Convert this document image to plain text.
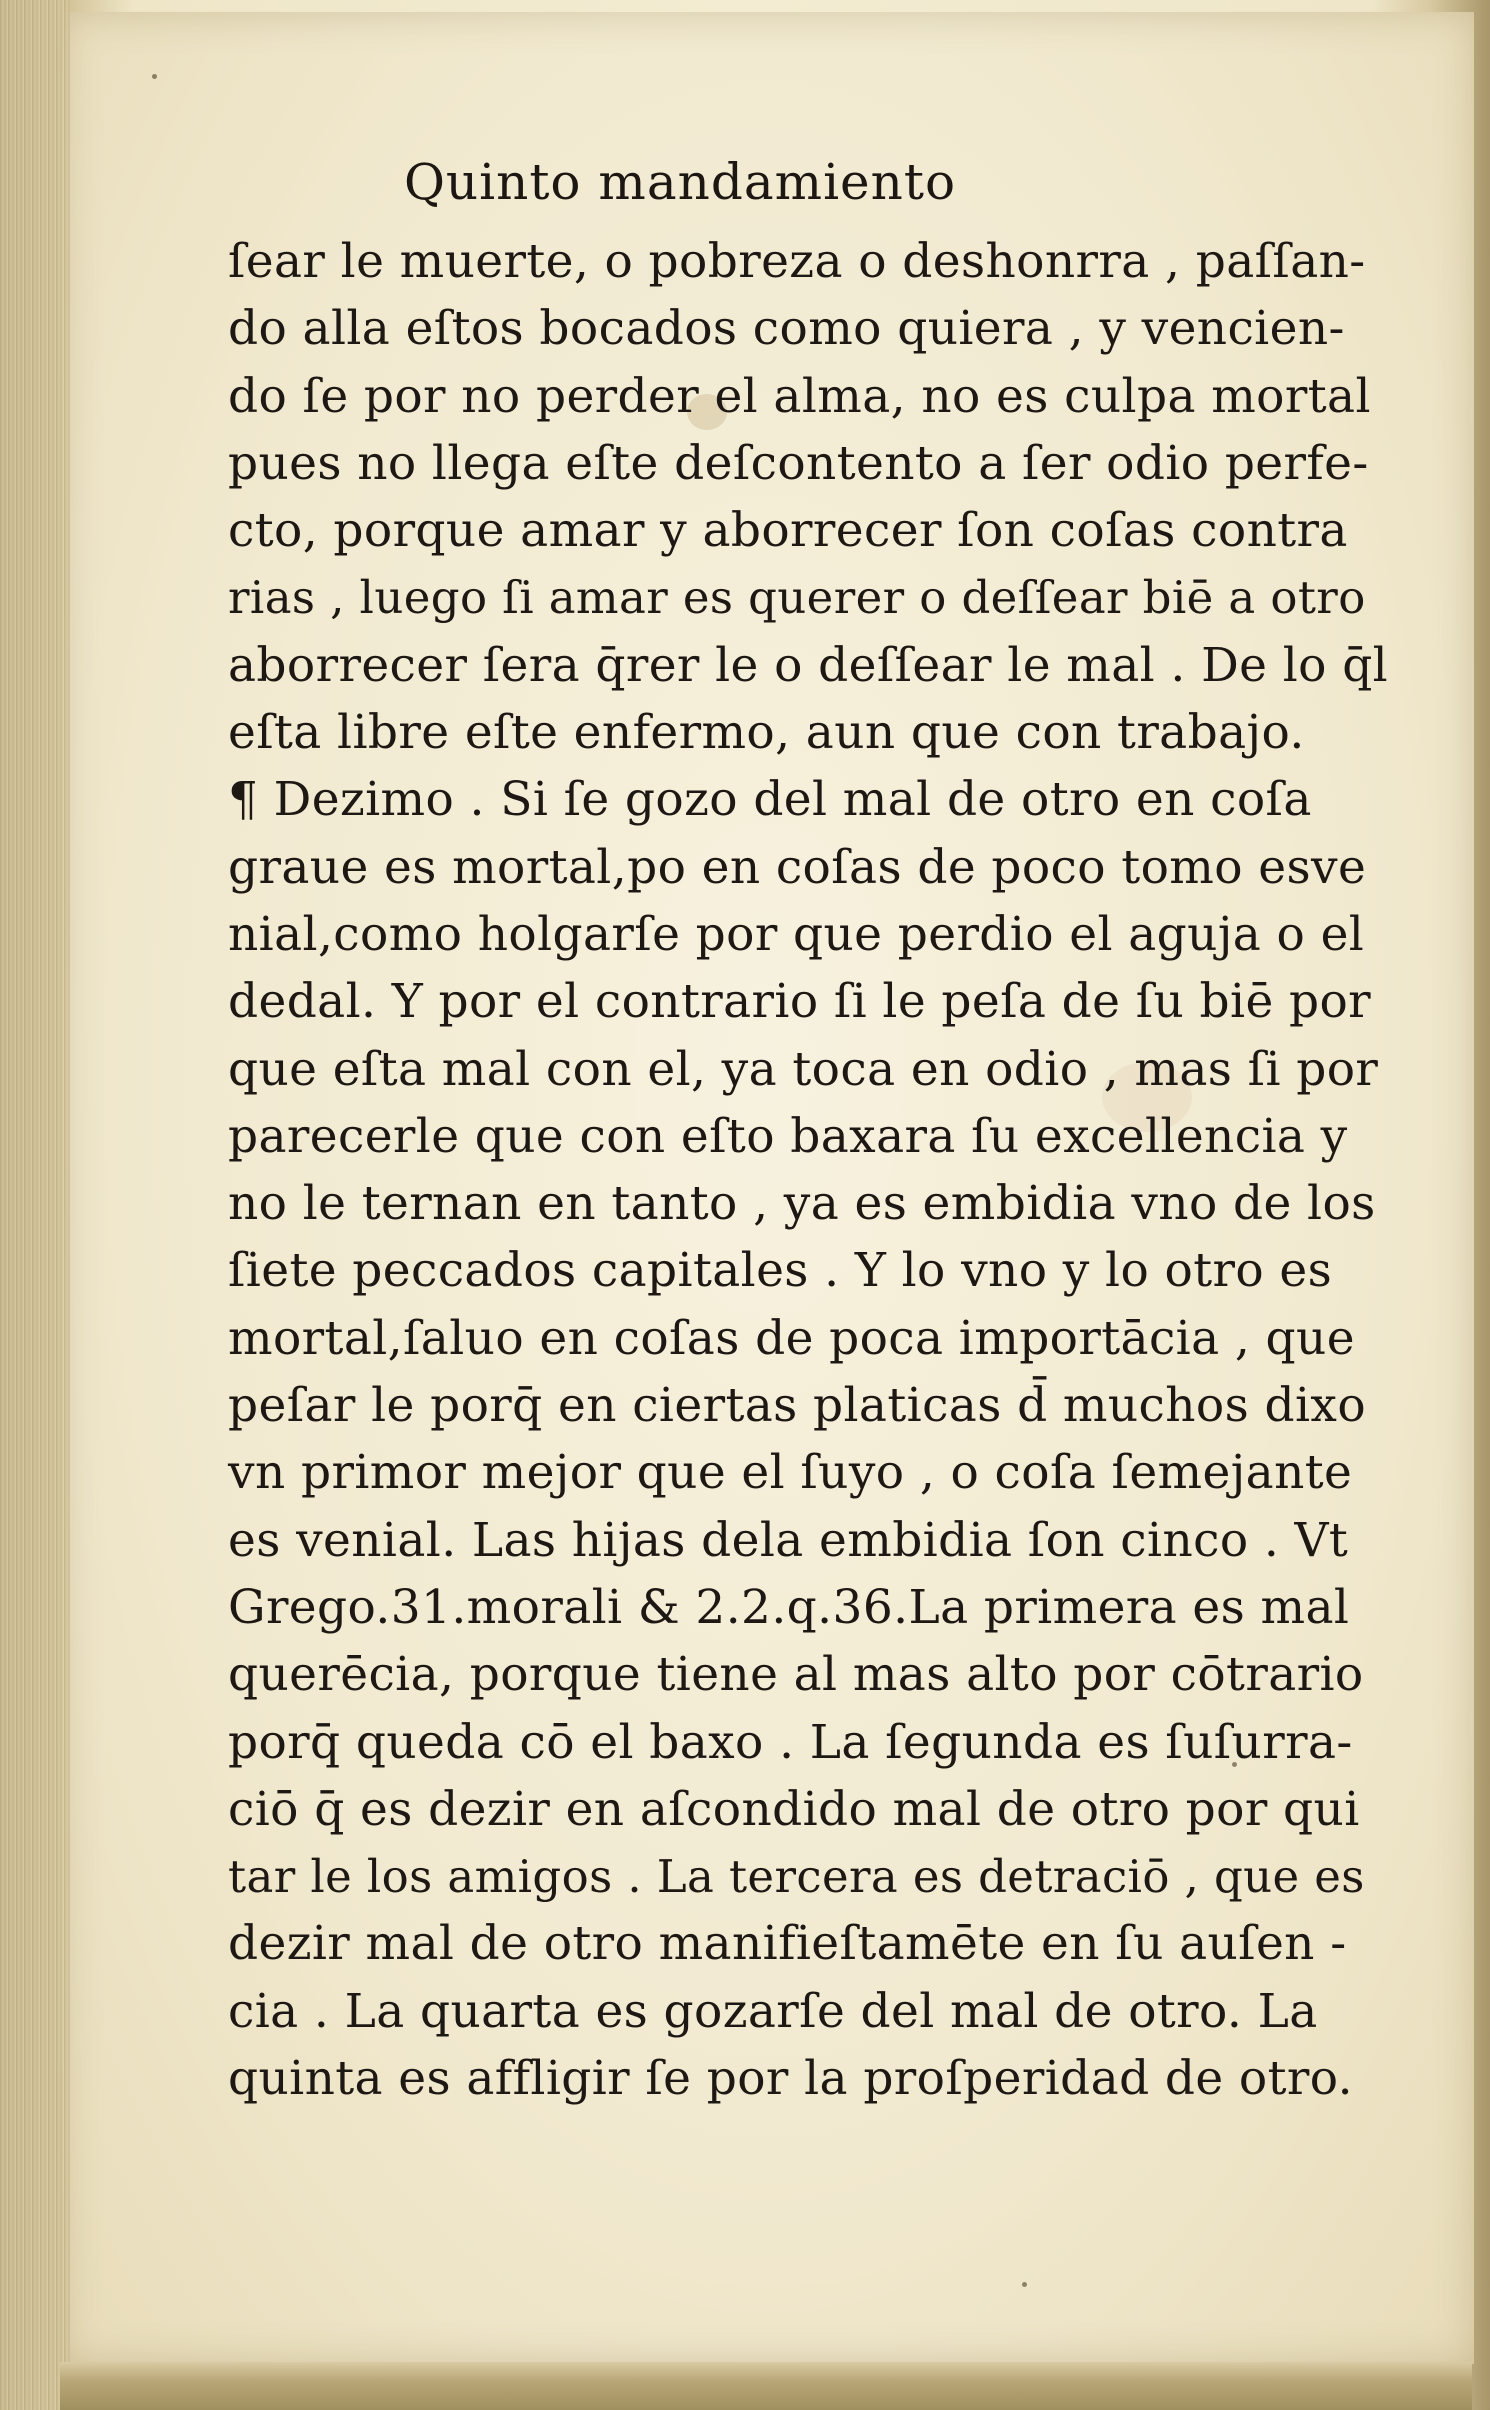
Quinto mandamiento
ſear le muerte, o pobreza o deshonrra , paſſan-
do alla eſtos bocados como quiera , y vencien-
do ſe por no perder el alma, no es culpa mortal
pues no llega eſte deſcontento a ſer odio perfe-
cto, porque amar y aborrecer ſon coſas contra
rias , luego ſi amar es querer o deſſear biē a otro
aborrecer ſera q̄rer le o deſſear le mal . De lo q̄l
eſta libre eſte enfermo, aun que con trabajo.
¶ Dezimo . Si ſe gozo del mal de otro en coſa
graue es mortal,po en coſas de poco tomo esve
nial,como holgarſe por que perdio el aguja o el
dedal. Y por el contrario ſi le peſa de ſu biē por
que eſta mal con el, ya toca en odio , mas ſi por
parecerle que con eſto baxara ſu excellencia y
no le ternan en tanto , ya es embidia vno de los
ſiete peccados capitales . Y lo vno y lo otro es
mortal,ſaluo en coſas de poca importācia , que
peſar le porq̄ en ciertas platicas d̄ muchos dixo
vn primor mejor que el ſuyo , o coſa ſemejante
es venial. Las hijas dela embidia ſon cinco . Vt
Grego.31.morali & 2.2.q.36.La primera es mal
querēcia, porque tiene al mas alto por cōtrario
porq̄ queda cō el baxo . La ſegunda es ſuſurra-
ciō q̄ es dezir en aſcondido mal de otro por qui
tar le los amigos . La tercera es detraciō , que es
dezir mal de otro manifieſtamēte en ſu auſen -
cia . La quarta es gozarſe del mal de otro. La
quinta es affligir ſe por la proſperidad de otro.
